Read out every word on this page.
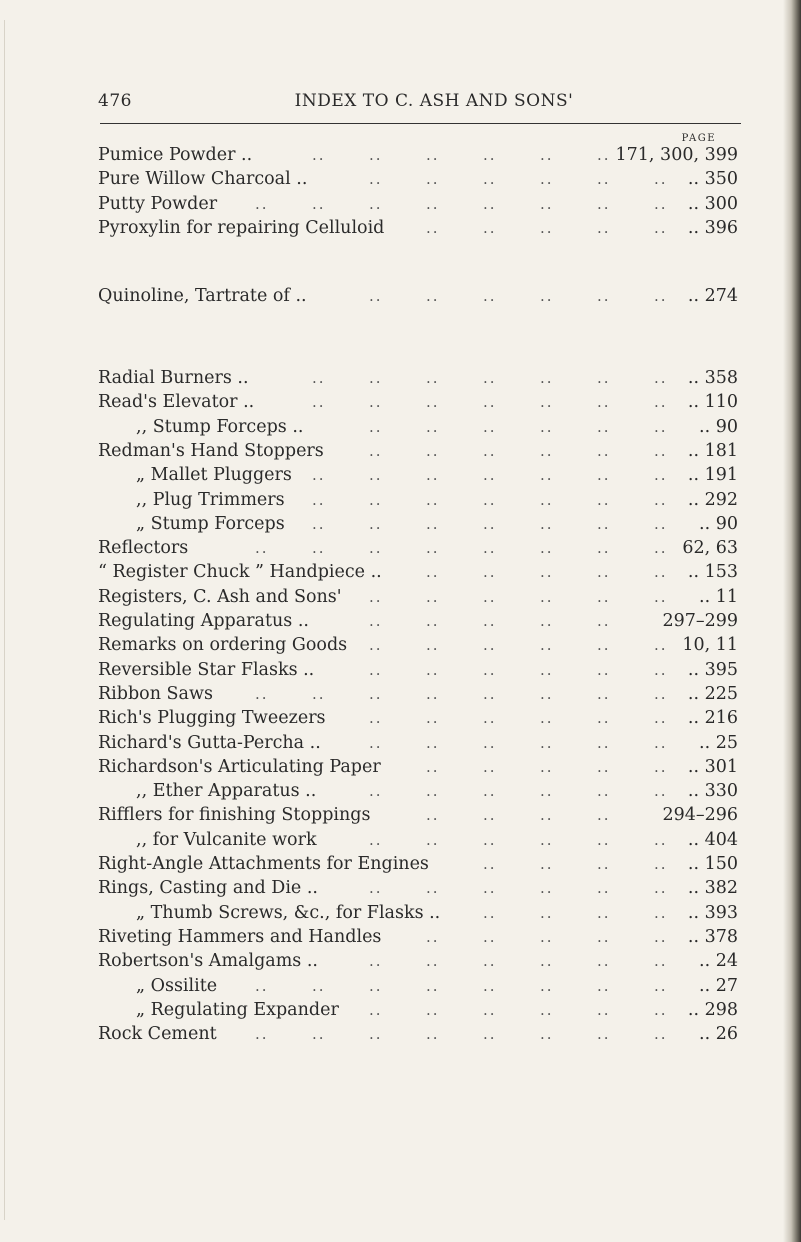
476	INDEX TO C. ASH AND SONS'
PAGE
Pumice Powder ..	171, 300, 399
..	..	..	..	..	..
Pure Willow Charcoal ..	.. 350
..	..	..	..	..	..
Putty Powder	.. 300
..	..	..	..	..	..	..	..
Pyroxylin for repairing Celluloid	.. 396
..	..	..	..	..
Quinoline, Tartrate of ..	.. 274
..	..	..	..	..	..
Radial Burners ..	.. 358
..	..	..	..	..	..	..
Read's Elevator ..	.. 110
..	..	..	..	..	..	..
,, Stump Forceps ..	.. 90
..	..	..	..	..	..
Redman's Hand Stoppers	.. 181
..	..	..	..	..	..
„ Mallet Pluggers	.. 191
..	..	..	..	..	..	..
,, Plug Trimmers	.. 292
..	..	..	..	..	..	..
„ Stump Forceps	.. 90
..	..	..	..	..	..	..
Reflectors	62, 63
..	..	..	..	..	..	..	..
“ Register Chuck ” Handpiece ..	.. 153
..	..	..	..	..
Registers, C. Ash and Sons'	.. 11
..	..	..	..	..	..
Regulating Apparatus ..	297–299
..	..	..	..	..
Remarks on ordering Goods	10, 11
..	..	..	..	..	..
Reversible Star Flasks ..	.. 395
..	..	..	..	..	..
Ribbon Saws	.. 225
..	..	..	..	..	..	..	..
Rich's Plugging Tweezers	.. 216
..	..	..	..	..	..
Richard's Gutta-Percha ..	.. 25
..	..	..	..	..	..
Richardson's Articulating Paper	.. 301
..	..	..	..	..
,, Ether Apparatus ..	.. 330
..	..	..	..	..	..
Rifflers for finishing Stoppings	294–296
..	..	..	..
,, for Vulcanite work	.. 404
..	..	..	..	..	..
Right-Angle Attachments for Engines	.. 150
..	..	..	..
Rings, Casting and Die ..	.. 382
..	..	..	..	..	..
„ Thumb Screws, &c., for Flasks ..	.. 393
..	..	..	..
Riveting Hammers and Handles	.. 378
..	..	..	..	..
Robertson's Amalgams ..	.. 24
..	..	..	..	..	..
„ Ossilite	.. 27
..	..	..	..	..	..	..	..
„ Regulating Expander	.. 298
..	..	..	..	..	..
Rock Cement	.. 26
..	..	..	..	..	..	..	..
